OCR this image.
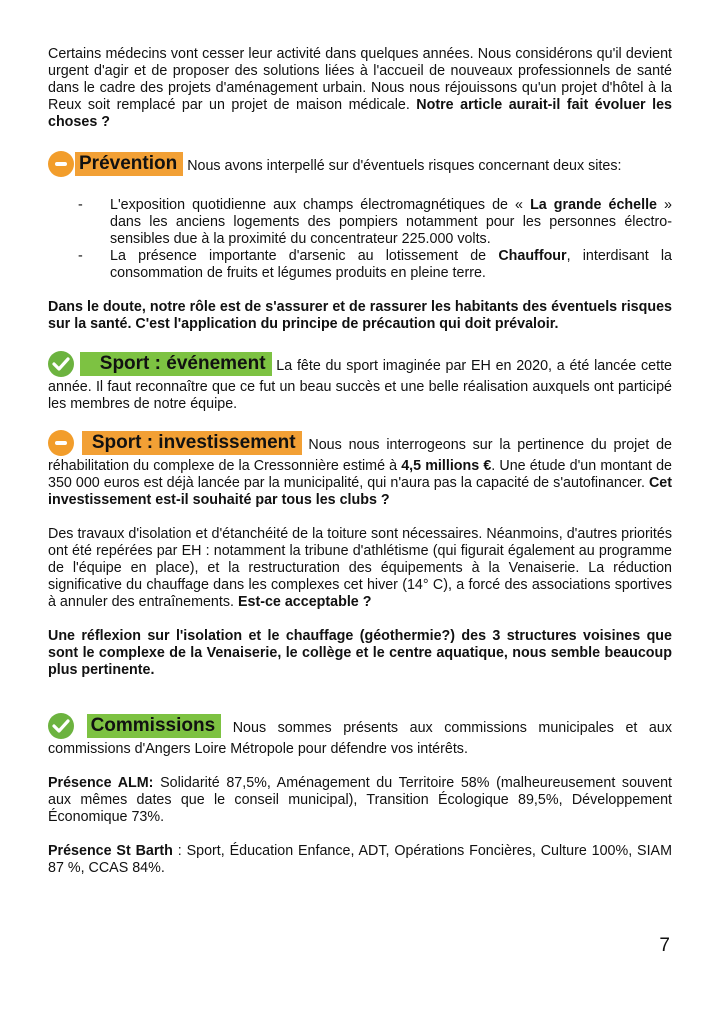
Certains médecins vont cesser leur activité dans quelques années. Nous considérons qu'il devient urgent d'agir et de proposer des solutions liées à l'accueil de nouveaux professionnels de santé dans le cadre des projets d'aménagement urbain. Nous nous réjouissons qu'un projet d'hôtel à la Reux soit remplacé par un projet de maison médicale. Notre article aurait-il fait évoluer les choses ?

Prévention Nous avons interpellé sur d'éventuels risques concernant deux sites:
- L'exposition quotidienne aux champs électromagnétiques de « La grande échelle » dans les anciens logements des pompiers notamment pour les personnes électro-sensibles due à la proximité du concentrateur 225.000 volts.
- La présence importante d'arsenic au lotissement de Chauffour, interdisant la consommation de fruits et légumes produits en pleine terre.

Dans le doute, notre rôle est de s'assurer et de rassurer les habitants des éventuels risques sur la santé. C'est l'application du principe de précaution qui doit prévaloir.

Sport : événement La fête du sport imaginée par EH en 2020, a été lancée cette année. Il faut reconnaître que ce fut un beau succès et une belle réalisation auxquels ont participé les membres de notre équipe.

Sport : investissement Nous nous interrogeons sur la pertinence du projet de réhabilitation du complexe de la Cressonnière estimé à 4,5 millions €. Une étude d'un montant de 350 000 euros est déjà lancée par la municipalité, qui n'aura pas la capacité de s'autofinancer. Cet investissement est-il souhaité par tous les clubs ?

Des travaux d'isolation et d'étanchéité de la toiture sont nécessaires. Néanmoins, d'autres priorités ont été repérées par EH : notamment la tribune d'athlétisme (qui figurait également au programme de l'équipe en place), et la restructuration des équipements à la Venaiserie. La réduction significative du chauffage dans les complexes cet hiver (14° C), a forcé des associations sportives à annuler des entraînements. Est-ce acceptable ?

Une réflexion sur l'isolation et le chauffage (géothermie?) des 3 structures voisines que sont le complexe de la Venaiserie, le collège et le centre aquatique, nous semble beaucoup plus pertinente.

Commissions Nous sommes présents aux commissions municipales et aux commissions d'Angers Loire Métropole pour défendre vos intérêts.

Présence ALM: Solidarité 87,5%, Aménagement du Territoire 58% (malheureusement souvent aux mêmes dates que le conseil municipal), Transition Écologique 89,5%, Développement Économique 73%.

Présence St Barth : Sport, Éducation Enfance, ADT, Opérations Foncières, Culture 100%, SIAM 87 %, CCAS 84%.

7
